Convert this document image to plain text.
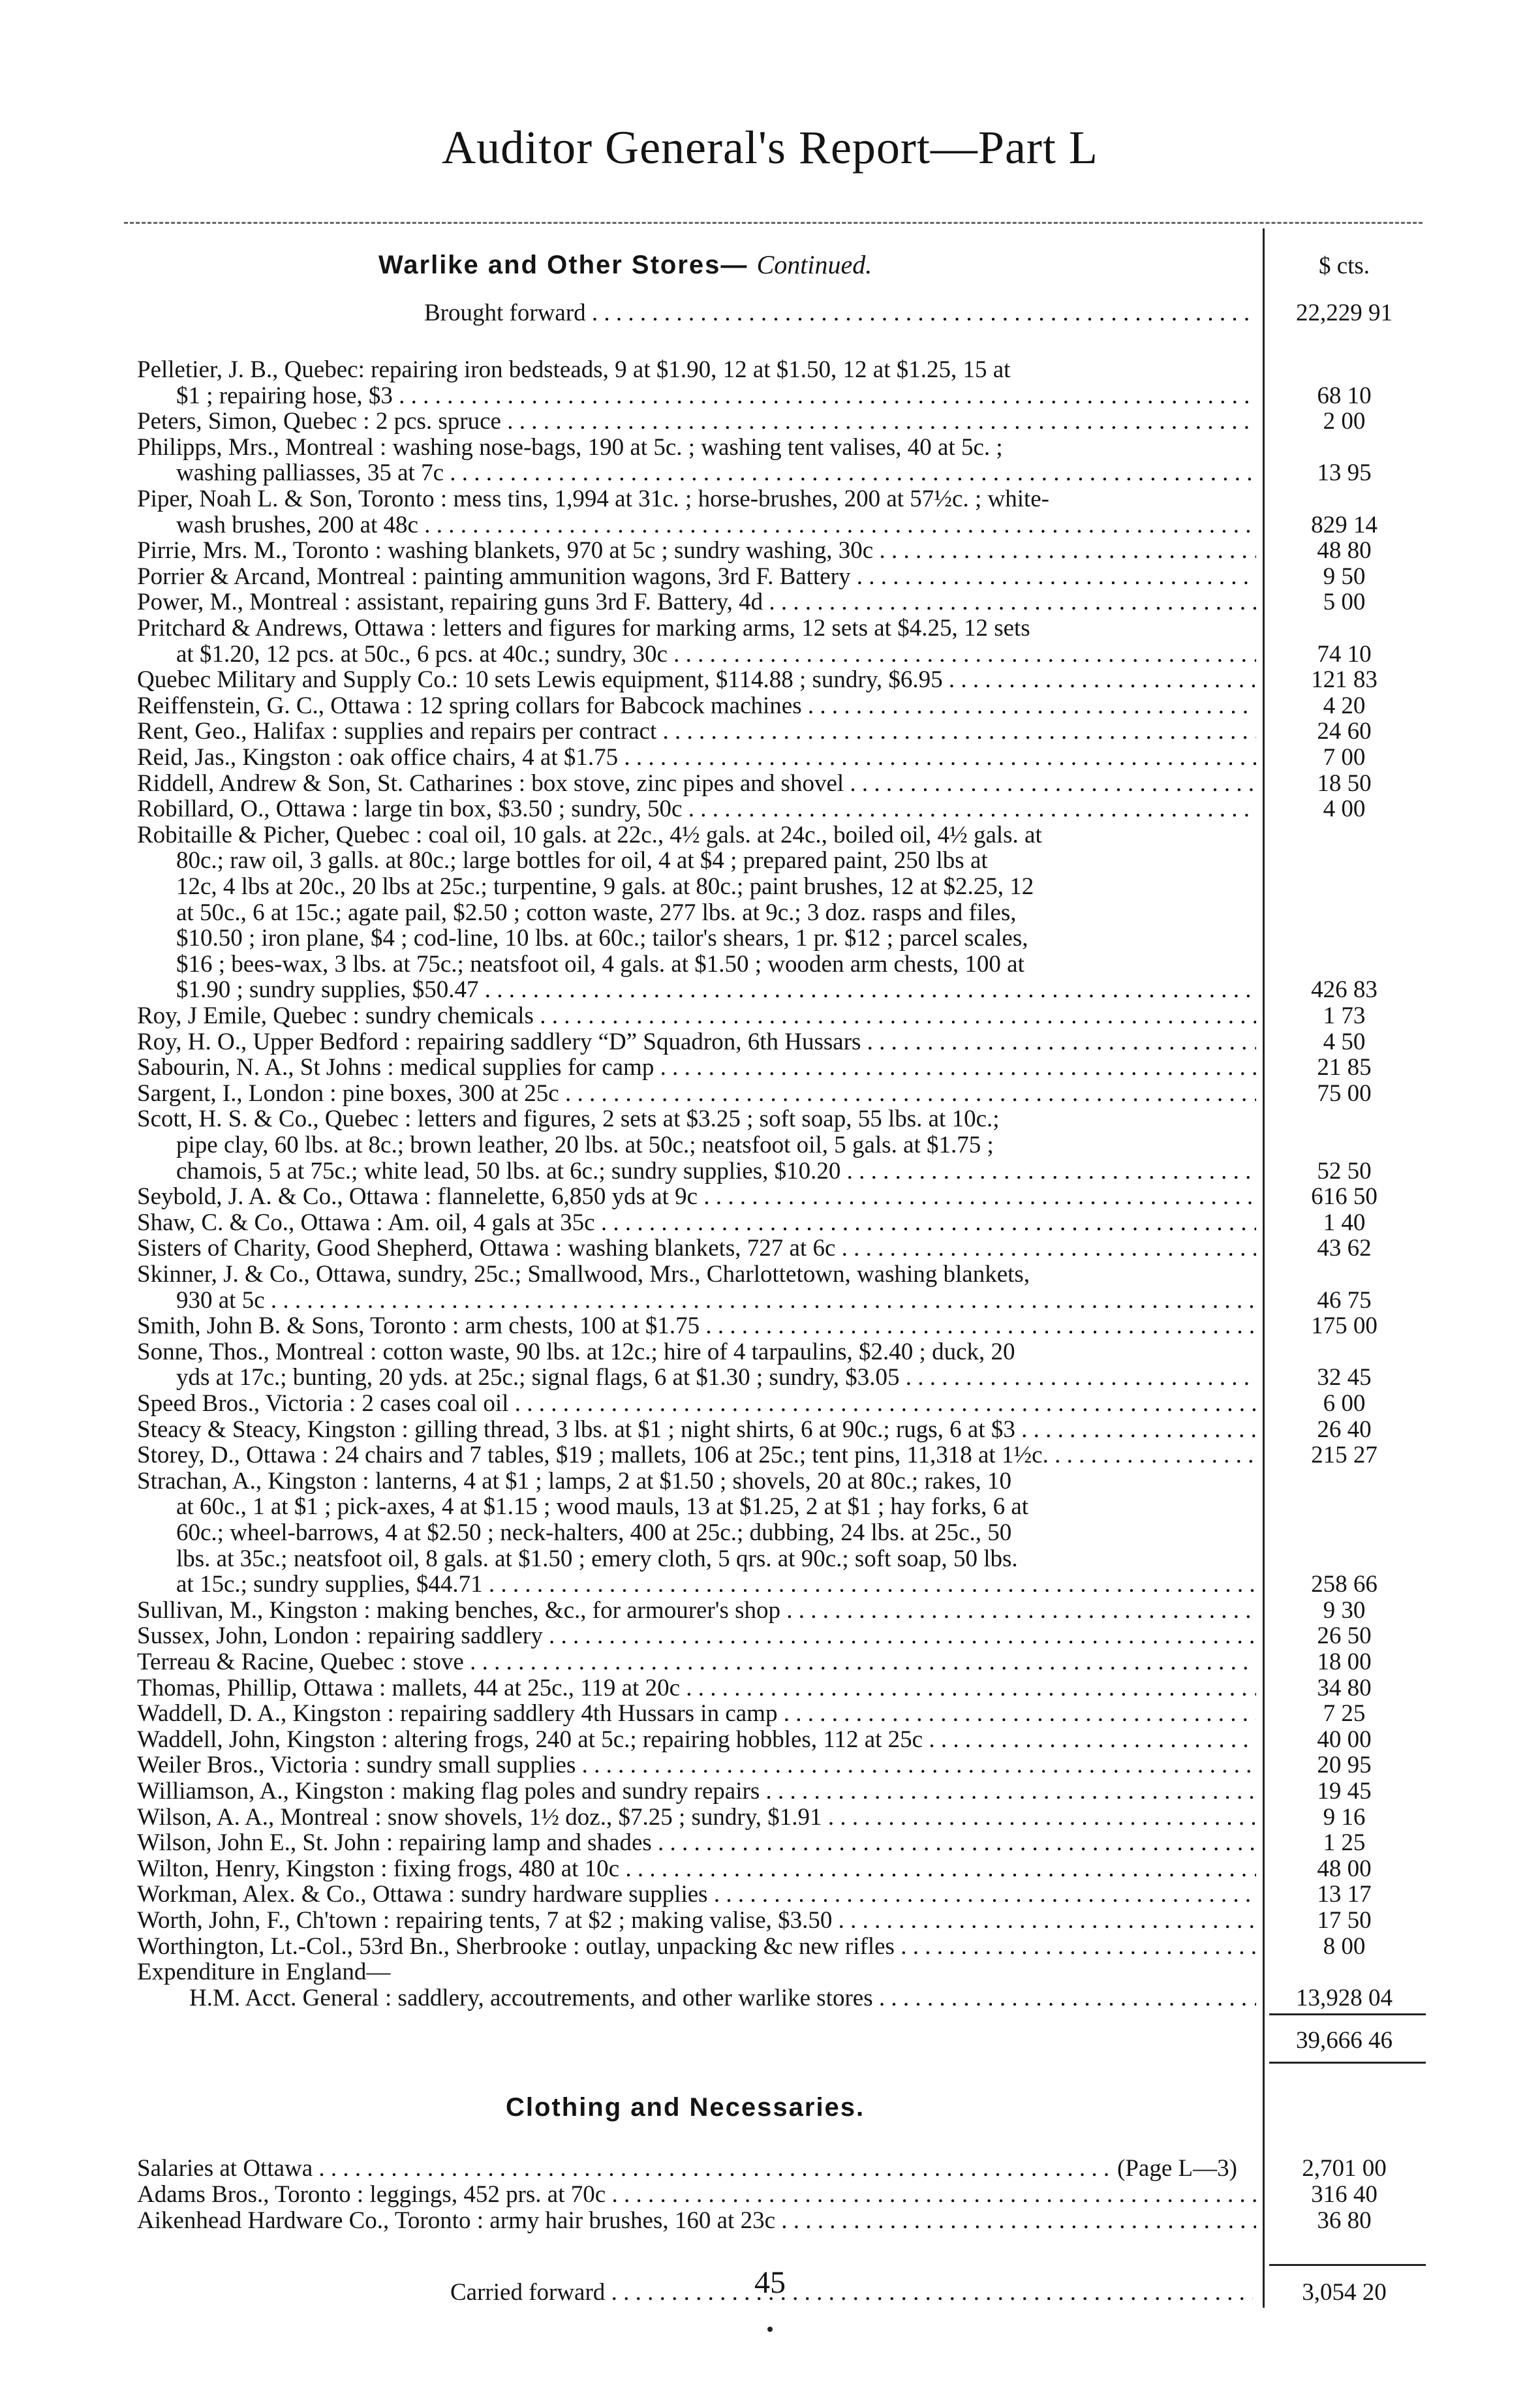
Auditor General's Report—Part L
Warlike and Other Stores— Continued.	$ cts.
Brought forward . . .	22,229 91
Pelletier, J. B., Quebec: repairing iron bedsteads, 9 at $1.90, 12 at $1.50, 12 at $1.25, 15 at
$1 ; repairing hose, $3 . . .	68 10
Peters, Simon, Quebec : 2 pcs. spruce . . .	2 00
Philipps, Mrs., Montreal : washing nose-bags, 190 at 5c. ; washing tent valises, 40 at 5c. ;
washing palliasses, 35 at 7c . . .	13 95
Piper, Noah L. & Son, Toronto : mess tins, 1,994 at 31c. ; horse-brushes, 200 at 57½c. ; white-
wash brushes, 200 at 48c . . .	829 14
Pirrie, Mrs. M., Toronto : washing blankets, 970 at 5c ; sundry washing, 30c . . .	48 80
Porrier & Arcand, Montreal : painting ammunition wagons, 3rd F. Battery . . .	9 50
Power, M., Montreal : assistant, repairing guns 3rd F. Battery, 4d . . .	5 00
Pritchard & Andrews, Ottawa : letters and figures for marking arms, 12 sets at $4.25, 12 sets
at $1.20, 12 pcs. at 50c., 6 pcs. at 40c.; sundry, 30c . . .	74 10
Quebec Military and Supply Co.: 10 sets Lewis equipment, $114.88 ; sundry, $6.95 . . .	121 83
Reiffenstein, G. C., Ottawa : 12 spring collars for Babcock machines . . .	4 20
Rent, Geo., Halifax : supplies and repairs per contract . . .	24 60
Reid, Jas., Kingston : oak office chairs, 4 at $1.75 . . .	7 00
Riddell, Andrew & Son, St. Catharines : box stove, zinc pipes and shovel . . .	18 50
Robillard, O., Ottawa : large tin box, $3.50 ; sundry, 50c . . .	4 00
Robitaille & Picher, Quebec : coal oil, 10 gals. at 22c., 4½ gals. at 24c., boiled oil, 4½ gals. at
80c.; raw oil, 3 galls. at 80c.; large bottles for oil, 4 at $4 ; prepared paint, 250 lbs at
12c, 4 lbs at 20c., 20 lbs at 25c.; turpentine, 9 gals. at 80c.; paint brushes, 12 at $2.25, 12
at 50c., 6 at 15c.; agate pail, $2.50 ; cotton waste, 277 lbs. at 9c.; 3 doz. rasps and files,
$10.50 ; iron plane, $4 ; cod-line, 10 lbs. at 60c.; tailor's shears, 1 pr. $12 ; parcel scales,
$16 ; bees-wax, 3 lbs. at 75c.; neatsfoot oil, 4 gals. at $1.50 ; wooden arm chests, 100 at
$1.90 ; sundry supplies, $50.47 . . .	426 83
Roy, J Emile, Quebec : sundry chemicals . . .	1 73
Roy, H. O., Upper Bedford : repairing saddlery “D” Squadron, 6th Hussars . . .	4 50
Sabourin, N. A., St Johns : medical supplies for camp . . .	21 85
Sargent, I., London : pine boxes, 300 at 25c . . .	75 00
Scott, H. S. & Co., Quebec : letters and figures, 2 sets at $3.25 ; soft soap, 55 lbs. at 10c.;
pipe clay, 60 lbs. at 8c.; brown leather, 20 lbs. at 50c.; neatsfoot oil, 5 gals. at $1.75 ;
chamois, 5 at 75c.; white lead, 50 lbs. at 6c.; sundry supplies, $10.20 . . .	52 50
Seybold, J. A. & Co., Ottawa : flannelette, 6,850 yds at 9c . . .	616 50
Shaw, C. & Co., Ottawa : Am. oil, 4 gals at 35c . . .	1 40
Sisters of Charity, Good Shepherd, Ottawa : washing blankets, 727 at 6c . . .	43 62
Skinner, J. & Co., Ottawa, sundry, 25c.; Smallwood, Mrs., Charlottetown, washing blankets,
930 at 5c . . .	46 75
Smith, John B. & Sons, Toronto : arm chests, 100 at $1.75 . . .	175 00
Sonne, Thos., Montreal : cotton waste, 90 lbs. at 12c.; hire of 4 tarpaulins, $2.40 ; duck, 20
yds at 17c.; bunting, 20 yds. at 25c.; signal flags, 6 at $1.30 ; sundry, $3.05 . . .	32 45
Speed Bros., Victoria : 2 cases coal oil . . .	6 00
Steacy & Steacy, Kingston : gilling thread, 3 lbs. at $1 ; night shirts, 6 at 90c.; rugs, 6 at $3 . . .	26 40
Storey, D., Ottawa : 24 chairs and 7 tables, $19 ; mallets, 106 at 25c.; tent pins, 11,318 at 1½c. . . .	215 27
Strachan, A., Kingston : lanterns, 4 at $1 ; lamps, 2 at $1.50 ; shovels, 20 at 80c.; rakes, 10
at 60c., 1 at $1 ; pick-axes, 4 at $1.15 ; wood mauls, 13 at $1.25, 2 at $1 ; hay forks, 6 at
60c.; wheel-barrows, 4 at $2.50 ; neck-halters, 400 at 25c.; dubbing, 24 lbs. at 25c., 50
lbs. at 35c.; neatsfoot oil, 8 gals. at $1.50 ; emery cloth, 5 qrs. at 90c.; soft soap, 50 lbs.
at 15c.; sundry supplies, $44.71 . . .	258 66
Sullivan, M., Kingston : making benches, &c., for armourer's shop . . .	9 30
Sussex, John, London : repairing saddlery . . .	26 50
Terreau & Racine, Quebec : stove . . .	18 00
Thomas, Phillip, Ottawa : mallets, 44 at 25c., 119 at 20c . . .	34 80
Waddell, D. A., Kingston : repairing saddlery 4th Hussars in camp . . .	7 25
Waddell, John, Kingston : altering frogs, 240 at 5c.; repairing hobbles, 112 at 25c . . .	40 00
Weiler Bros., Victoria : sundry small supplies . . .	20 95
Williamson, A., Kingston : making flag poles and sundry repairs . . .	19 45
Wilson, A. A., Montreal : snow shovels, 1½ doz., $7.25 ; sundry, $1.91 . . .	9 16
Wilson, John E., St. John : repairing lamp and shades . . .	1 25
Wilton, Henry, Kingston : fixing frogs, 480 at 10c . . .	48 00
Workman, Alex. & Co., Ottawa : sundry hardware supplies . . .	13 17
Worth, John, F., Ch'town : repairing tents, 7 at $2 ; making valise, $3.50 . . .	17 50
Worthington, Lt.-Col., 53rd Bn., Sherbrooke : outlay, unpacking &c new rifles . . .	8 00
Expenditure in England—
H.M. Acct. General : saddlery, accoutrements, and other warlike stores . . .	13,928 04
39,666 46
Clothing and Necessaries.
Salaries at Ottawa . . .	(Page L—3)	2,701 00
Adams Bros., Toronto : leggings, 452 prs. at 70c . . .	316 40
Aikenhead Hardware Co., Toronto : army hair brushes, 160 at 23c . . .	36 80
Carried forward . . .	3,054 20
45
